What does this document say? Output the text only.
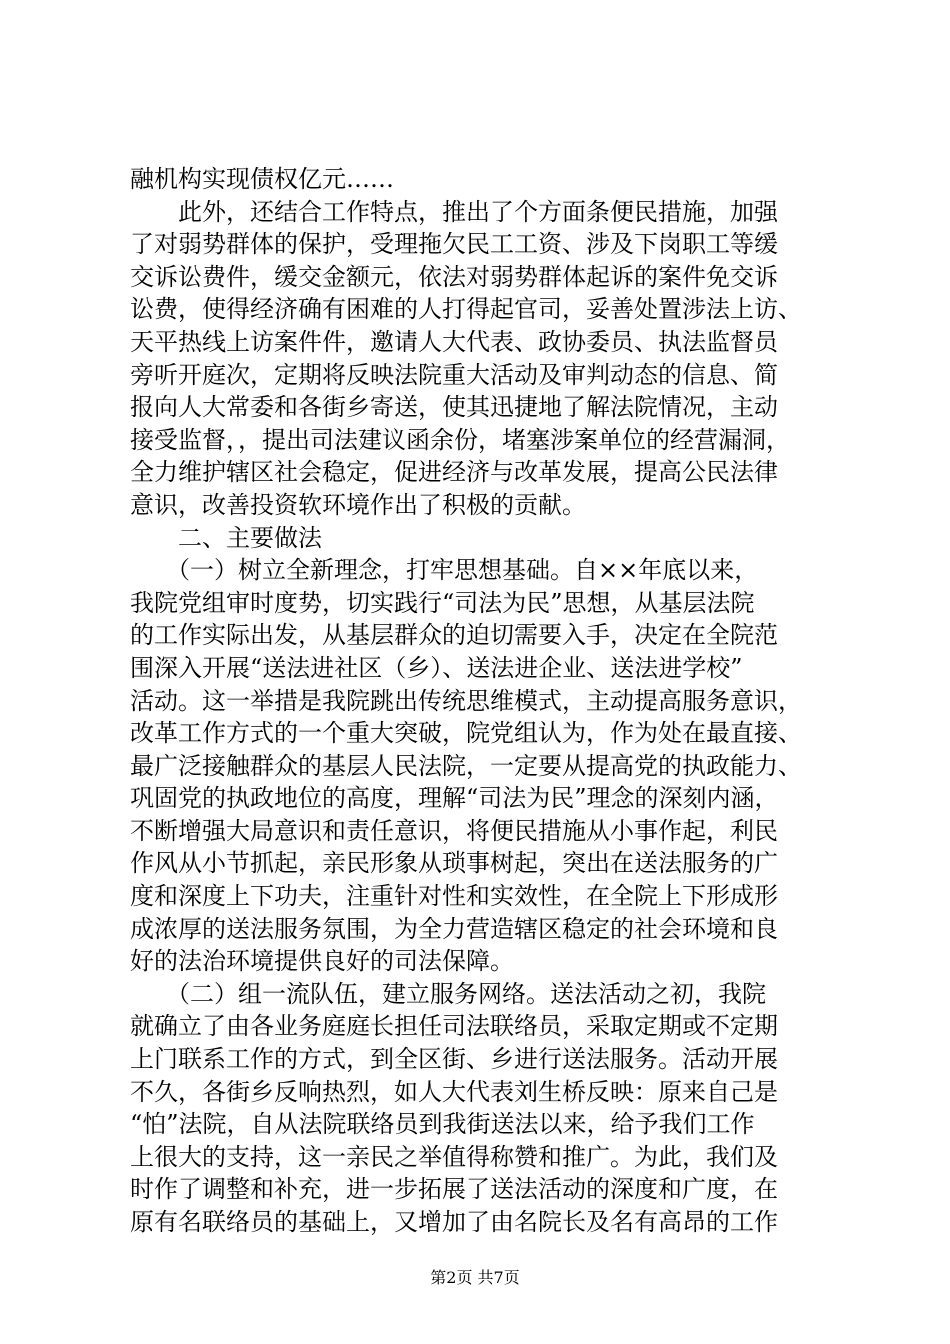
融机构实现债权亿元……
　　此外，还结合工作特点，推出了个方面条便民措施，加强
了对弱势群体的保护，受理拖欠民工工资、涉及下岗职工等缓
交诉讼费件，缓交金额元，依法对弱势群体起诉的案件免交诉
讼费，使得经济确有困难的人打得起官司，妥善处置涉法上访、
天平热线上访案件件，邀请人大代表、政协委员、执法监督员
旁听开庭次，定期将反映法院重大活动及审判动态的信息、简
报向人大常委和各街乡寄送，使其迅捷地了解法院情况，主动
接受监督，，提出司法建议函余份，堵塞涉案单位的经营漏洞，
全力维护辖区社会稳定，促进经济与改革发展，提高公民法律
意识，改善投资软环境作出了积极的贡献。
　　二、主要做法
　　（一）树立全新理念，打牢思想基础。自××年底以来，
我院党组审时度势，切实践行“司法为民”思想，从基层法院
的工作实际出发，从基层群众的迫切需要入手，决定在全院范
围深入开展“送法进社区（乡）、送法进企业、送法进学校”
活动。这一举措是我院跳出传统思维模式，主动提高服务意识，
改革工作方式的一个重大突破，院党组认为，作为处在最直接、
最广泛接触群众的基层人民法院，一定要从提高党的执政能力、
巩固党的执政地位的高度，理解“司法为民”理念的深刻内涵，
不断增强大局意识和责任意识，将便民措施从小事作起，利民
作风从小节抓起，亲民形象从琐事树起，突出在送法服务的广
度和深度上下功夫，注重针对性和实效性，在全院上下形成形
成浓厚的送法服务氛围，为全力营造辖区稳定的社会环境和良
好的法治环境提供良好的司法保障。
　　（二）组一流队伍，建立服务网络。送法活动之初，我院
就确立了由各业务庭庭长担任司法联络员，采取定期或不定期
上门联系工作的方式，到全区街、乡进行送法服务。活动开展
不久，各街乡反响热烈，如人大代表刘生桥反映：原来自己是
“怕”法院，自从法院联络员到我街送法以来，给予我们工作
上很大的支持，这一亲民之举值得称赞和推广。为此，我们及
时作了调整和补充，进一步拓展了送法活动的深度和广度，在
原有名联络员的基础上，又增加了由名院长及名有高昂的工作
第2页 共7页
